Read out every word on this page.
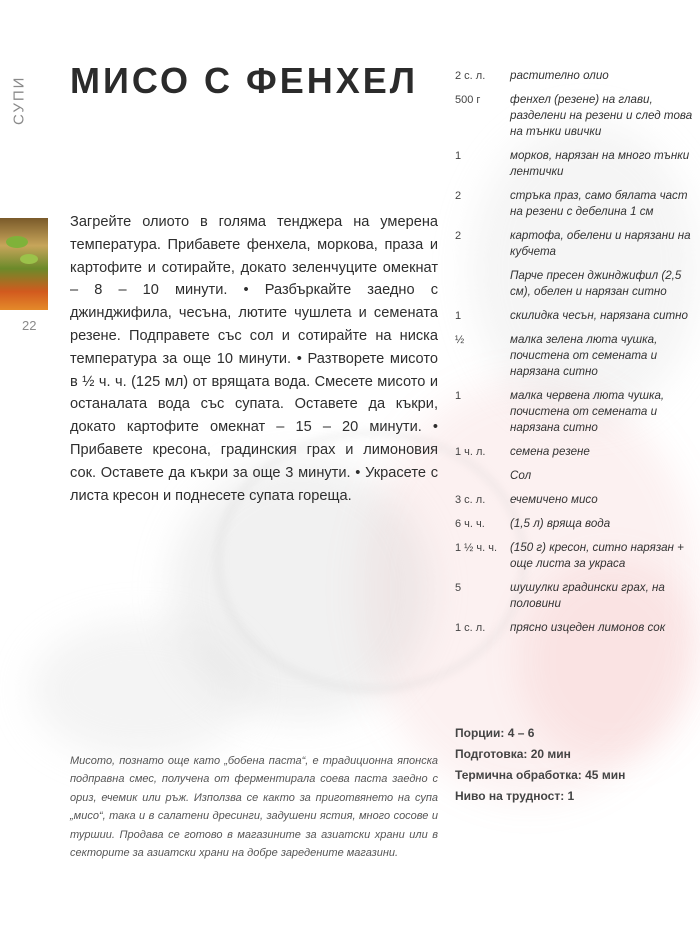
СУПИ МИСО С ФЕНХЕЛ
22

Загрейте олиото в голяма тенджера на умерена температура. Прибавете фенхела, моркова, праза и картофите и сотирайте, докато зеленчуците омекнат – 8 – 10 минути. • Разбъркайте заедно с джинджифила, чесъна, лютите чушлета и семената резене. Подправете със сол и сотирайте на ниска температура за още 10 минути. • Разтворете мисото в ½ ч. ч. (125 мл) от врящата вода. Смесете мисото и останалата вода със супата. Оставете да къкри, докато картофите омекнат – 15 – 20 минути. • Прибавете кресона, градинския грах и лимоновия сок. Оставете да къкри за още 3 минути. • Украсете с листа кресон и поднесете супата гореща.

2 с. л.	растително олио
500 г	фенхел (резене) на глави, разделени на резени и след това на тънки ивички
1	морков, нарязан на много тънки лентички
2	стръка праз, само бялата част на резени с дебелина 1 см
2	картофа, обелени и нарязани на кубчета
	Парче пресен джинджифил (2,5 см), обелен и нарязан ситно
1	скилидка чесън, нарязана ситно
½	малка зелена люта чушка, почистена от семената и нарязана ситно
1	малка червена люта чушка, почистена от семената и нарязана ситно
1 ч. л.	семена резене
	Сол
3 с. л.	ечемичено мисо
6 ч. ч.	(1,5 л) вряща вода
1 ½ ч. ч.	(150 г) кресон, ситно нарязан + още листа за украса
5	шушулки градински грах, на половини
1 с. л.	прясно изцеден лимонов сок
Порции: 4 – 6
Подготовка: 20 мин
Термична обработка: 45 мин
Ниво на трудност: 1

Мисото, познато още като „бобена паста“, е традиционна японска подправна смес, получена от ферментирала соева паста заедно с ориз, ечемик или ръж. Използва се както за приготвянето на супа „мисо“, така и в салатени дресинги, задушени ястия, много сосове и туршии. Продава се готово в магазините за азиатски храни или в секторите за азиатски храни на добре заредените магазини.
